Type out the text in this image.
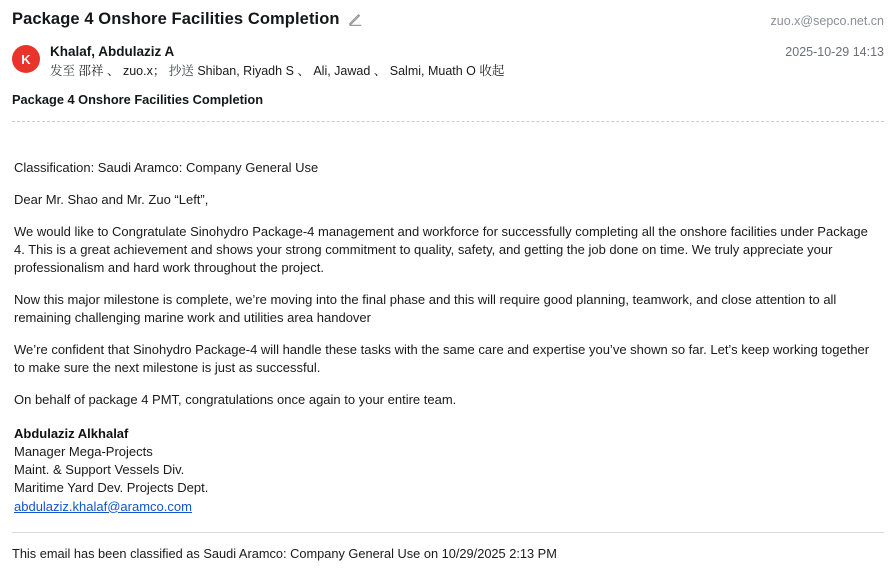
Package 4 Onshore Facilities Completion	zuo.x@sepco.net.cn
K	Khalaf, Abdulaziz A
发至 邵祥 、 zuo.x； 抄送 Shiban, Riyadh S 、 Ali, Jawad 、 Salmi, Muath O 收起
2025-10-29 14:13
Package 4 Onshore Facilities Completion

Classification: Saudi Aramco: Company General Use

Dear Mr. Shao and Mr. Zuo “Left”,

We would like to Congratulate Sinohydro Package-4 management and workforce for successfully completing all the onshore facilities under Package 4. This is a great achievement and shows your strong commitment to quality, safety, and getting the job done on time. We truly appreciate your professionalism and hard work throughout the project.

Now this major milestone is complete, we’re moving into the final phase and this will require good planning, teamwork, and close attention to all remaining challenging marine work and utilities area handover

We’re confident that Sinohydro Package-4 will handle these tasks with the same care and expertise you’ve shown so far. Let’s keep working together to make sure the next milestone is just as successful.

On behalf of package 4 PMT, congratulations once again to your entire team.

Abdulaziz Alkhalaf
Manager Mega-Projects
Maint. & Support Vessels Div.
Maritime Yard Dev. Projects Dept.
abdulaziz.khalaf@aramco.com
This email has been classified as Saudi Aramco: Company General Use on 10/29/2025 2:13 PM
